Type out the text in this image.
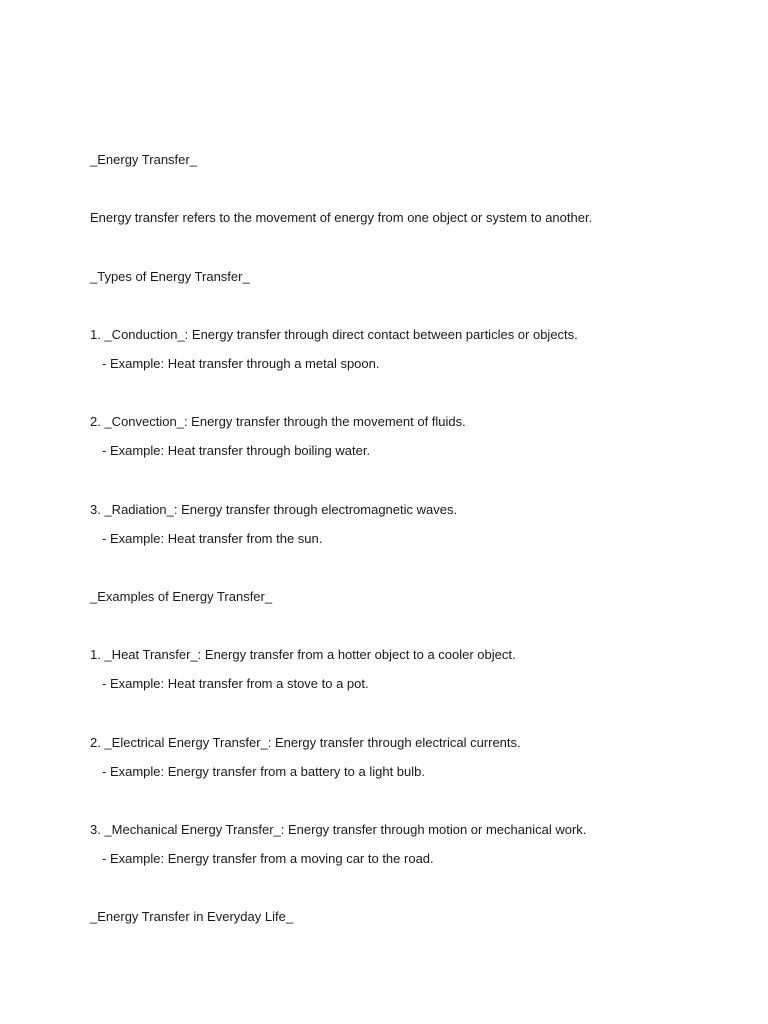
_Energy Transfer_
Energy transfer refers to the movement of energy from one object or system to another.
_Types of Energy Transfer_
1. _Conduction_: Energy transfer through direct contact between particles or objects.
- Example: Heat transfer through a metal spoon.
2. _Convection_: Energy transfer through the movement of fluids.
- Example: Heat transfer through boiling water.
3. _Radiation_: Energy transfer through electromagnetic waves.
- Example: Heat transfer from the sun.
_Examples of Energy Transfer_
1. _Heat Transfer_: Energy transfer from a hotter object to a cooler object.
- Example: Heat transfer from a stove to a pot.
2. _Electrical Energy Transfer_: Energy transfer through electrical currents.
- Example: Energy transfer from a battery to a light bulb.
3. _Mechanical Energy Transfer_: Energy transfer through motion or mechanical work.
- Example: Energy transfer from a moving car to the road.
_Energy Transfer in Everyday Life_
